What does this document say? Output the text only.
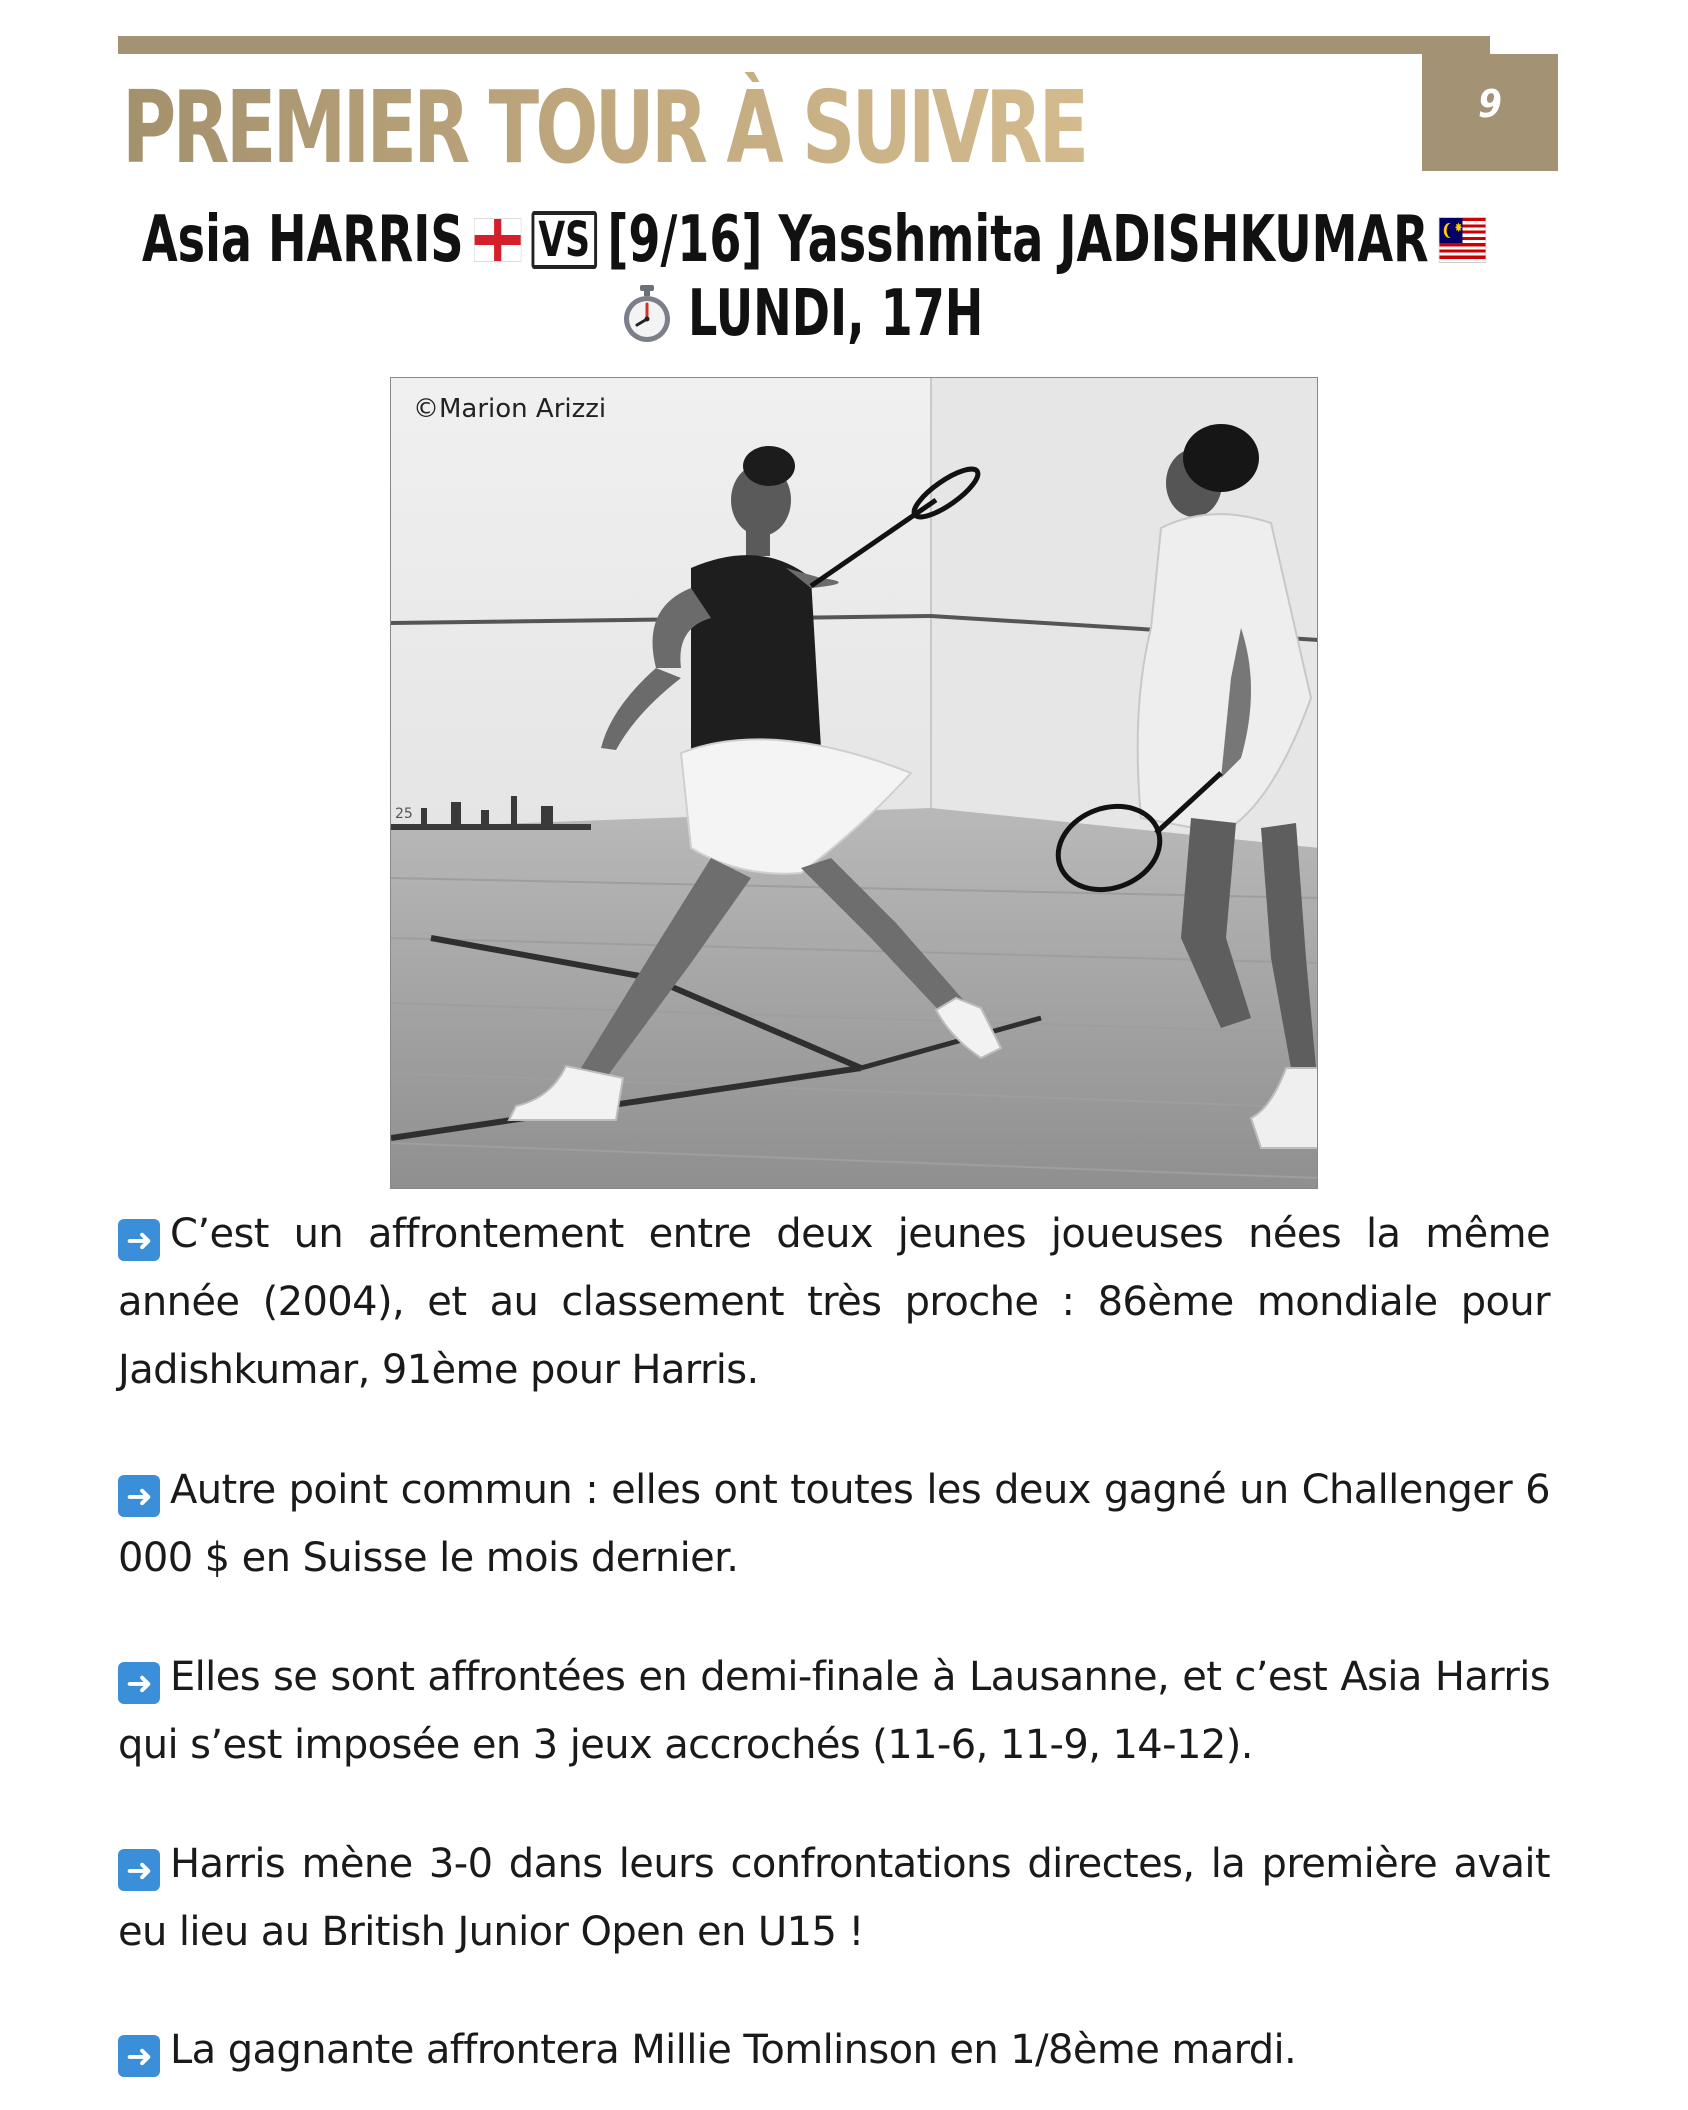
9
PREMIER TOUR À SUIVRE
Asia HARRIS VS [9/16] Yasshmita JADISHKUMAR ✸
LUNDI, 17H
25
©Marion Arizzi

➜ C’est un affrontement entre deux jeunes joueuses nées la même année (2004), et au classement très proche : 86ème mondiale pour Jadishkumar, 91ème pour Harris.

➜ Autre point commun : elles ont toutes les deux gagné un Challenger 6 000 $ en Suisse le mois dernier.

➜ Elles se sont affrontées en demi-finale à Lausanne, et c’est Asia Harris qui s’est imposée en 3 jeux accrochés (11-6, 11-9, 14-12).

➜ Harris mène 3-0 dans leurs confrontations directes, la première avait eu lieu au British Junior Open en U15 !

➜ La gagnante affrontera Millie Tomlinson en 1/8ème mardi.
